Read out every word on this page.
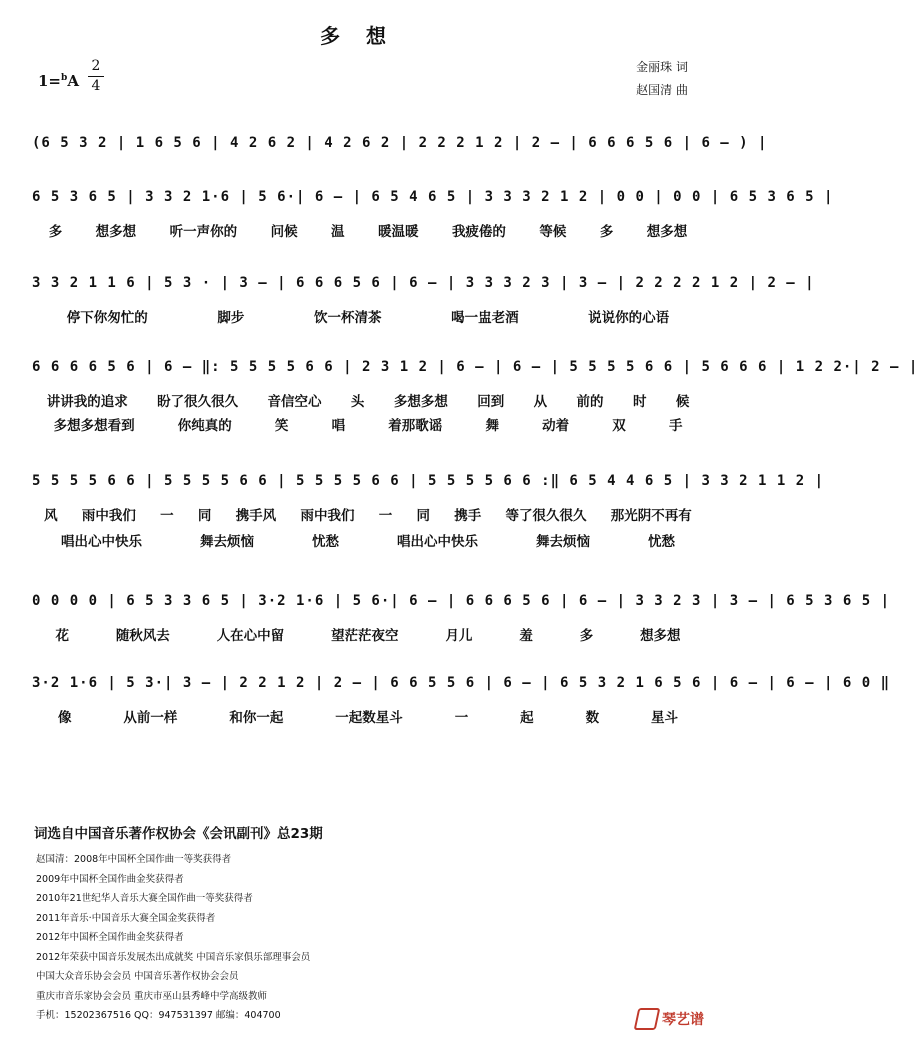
多想
1=$^b$A
2
4
金丽珠 词
赵国清 曲
(6 5 3 2 | 1 6 5 6 | 4 2 6 2 | 4 2 6 2 | 2 2 2 1 2 | 2 — | 6 6 6 5 6 | 6 — ) |
6 5 3 6 5 | 3 3 2 1·6 | 5 6·| 6 — | 6 5 4 6 5 | 3 3 3 2 1 2 | 0 0 | 0 0 | 6 5 3 6 5 |
多	想多想	听一声你的	问候	温	暖温暖	我疲倦的	等候	多	想多想
3 3 2 1 1 6 | 5 3 · | 3 — | 6 6 6 5 6 | 6 — | 3 3 3 2 3 | 3 — | 2 2 2 2 1 2 | 2 — |
停下你匆忙的	脚步	饮一杯清茶	喝一盅老酒	说说你的心语
6 6 6 6 5 6 | 6 — ‖: 5 5 5 5 6 6 | 2 3 1 2 | 6 — | 6 — | 5 5 5 5 6 6 | 5 6 6 6 | 1 2 2·| 2 — |
讲讲我的追求	盼了很久很久	音信空心	头	多想多想	回到	从	前的	时	候
多想多想看到	你纯真的	笑	唱	着那歌谣	舞	动着	双	手
5 5 5 5 6 6 | 5 5 5 5 6 6 | 5 5 5 5 6 6 | 5 5 5 5 6 6 :‖ 6 5 4 4 6 5 | 3 3 2 1 1 2 |
风	雨中我们	一	同	携手风	雨中我们	一	同	携手	等了很久很久	那光阴不再有
唱出心中快乐	舞去烦恼	忧愁	唱出心中快乐	舞去烦恼	忧愁
0 0 0 0 | 6 5 3 3 6 5 | 3·2 1·6 | 5 6·| 6 — | 6 6 6 5 6 | 6 — | 3 3 2 3 | 3 — | 6 5 3 6 5 |
花	随秋风去	人在心中留	望茫茫夜空	月儿	羞	多	想多想
3·2 1·6 | 5 3·| 3 — | 2 2 1 2 | 2 — | 6 6 5 5 6 | 6 — | 6 5 3 2 1 6 5 6 | 6 — | 6 — | 6 0 ‖
像	从前一样	和你一起	一起数星斗	一	起	数	星斗
词选自中国音乐著作权协会《会讯副刊》总23期
赵国清：2008年中国杯全国作曲一等奖获得者
2009年中国杯全国作曲金奖获得者
2010年21世纪华人音乐大赛全国作曲一等奖获得者
2011年音乐·中国音乐大赛全国金奖获得者
2012年中国杯全国作曲金奖获得者
2012年荣获中国音乐发展杰出成就奖 中国音乐家俱乐部理事会员
中国大众音乐协会会员 中国音乐著作权协会会员
重庆市音乐家协会会员 重庆市巫山县秀峰中学高级教师
手机：15202367516 QQ：947531397 邮编：404700	琴艺谱
